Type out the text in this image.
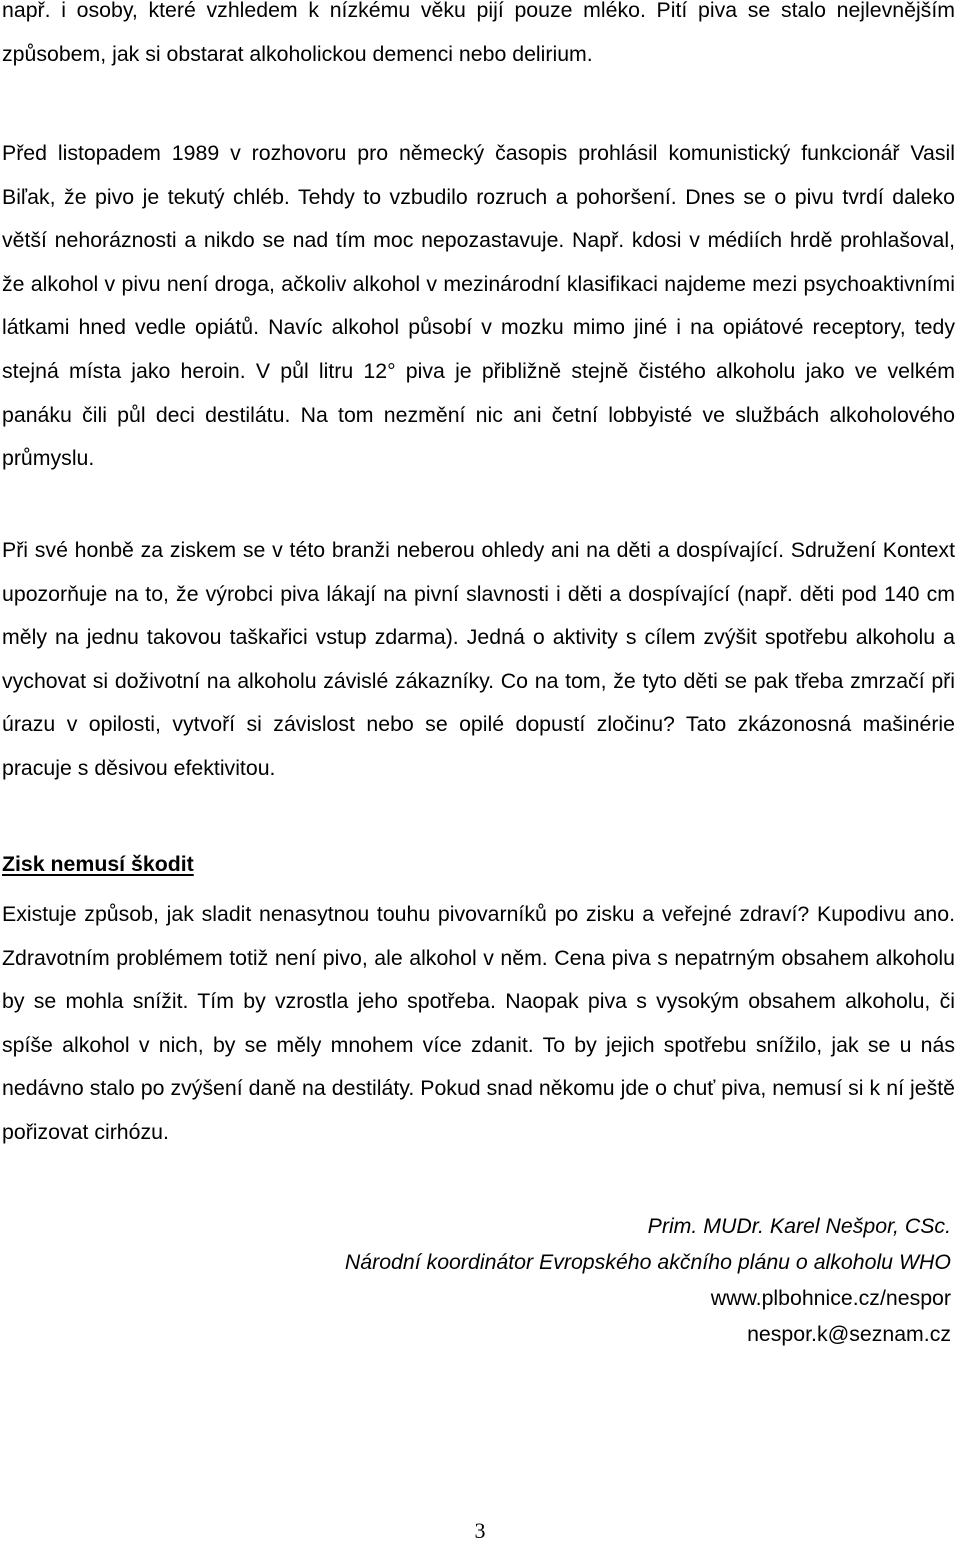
např. i osoby, které vzhledem k nízkému věku pijí pouze mléko. Pití piva se stalo nejlevnějším způsobem, jak si obstarat alkoholickou demenci nebo delirium.

Před listopadem 1989 v rozhovoru pro německý časopis prohlásil komunistický funkcionář Vasil Biľak, že pivo je tekutý chléb. Tehdy to vzbudilo rozruch a pohoršení. Dnes se o pivu tvrdí daleko větší nehoráznosti a nikdo se nad tím moc nepozastavuje. Např. kdosi v médiích hrdě prohlašoval, že alkohol v pivu není droga, ačkoliv alkohol v mezinárodní klasifikaci najdeme mezi psychoaktivními látkami hned vedle opiátů. Navíc alkohol působí v mozku mimo jiné i na opiátové receptory, tedy stejná místa jako heroin. V půl litru 12° piva je přibližně stejně čistého alkoholu jako ve velkém panáku čili půl deci destilátu. Na tom nezmění nic ani četní lobbyisté ve službách alkoholového průmyslu.

Při své honbě za ziskem se v této branži neberou ohledy ani na děti a dospívající. Sdružení Kontext upozorňuje na to, že výrobci piva lákají na pivní slavnosti i děti a dospívající (např. děti pod 140 cm měly na jednu takovou taškařici vstup zdarma). Jedná o aktivity s cílem zvýšit spotřebu alkoholu a vychovat si doživotní na alkoholu závislé zákazníky. Co na tom, že tyto děti se pak třeba zmrzačí při úrazu v opilosti, vytvoří si závislost nebo se opilé dopustí zločinu? Tato zkázonosná mašinérie pracuje s děsivou efektivitou.

Zisk nemusí škodit

Existuje způsob, jak sladit nenasytnou touhu pivovarníků po zisku a veřejné zdraví? Kupodivu ano. Zdravotním problémem totiž není pivo, ale alkohol v něm. Cena piva s nepatrným obsahem alkoholu by se mohla snížit. Tím by vzrostla jeho spotřeba. Naopak piva s vysokým obsahem alkoholu, či spíše alkohol v nich, by se měly mnohem více zdanit. To by jejich spotřebu snížilo, jak se u nás nedávno stalo po zvýšení daně na destiláty. Pokud snad někomu jde o chuť piva, nemusí si k ní ještě pořizovat cirhózu.

Prim. MUDr. Karel Nešpor, CSc.
Národní koordinátor Evropského akčního plánu o alkoholu WHO
www.plbohnice.cz/nespor
nespor.k@seznam.cz
3
